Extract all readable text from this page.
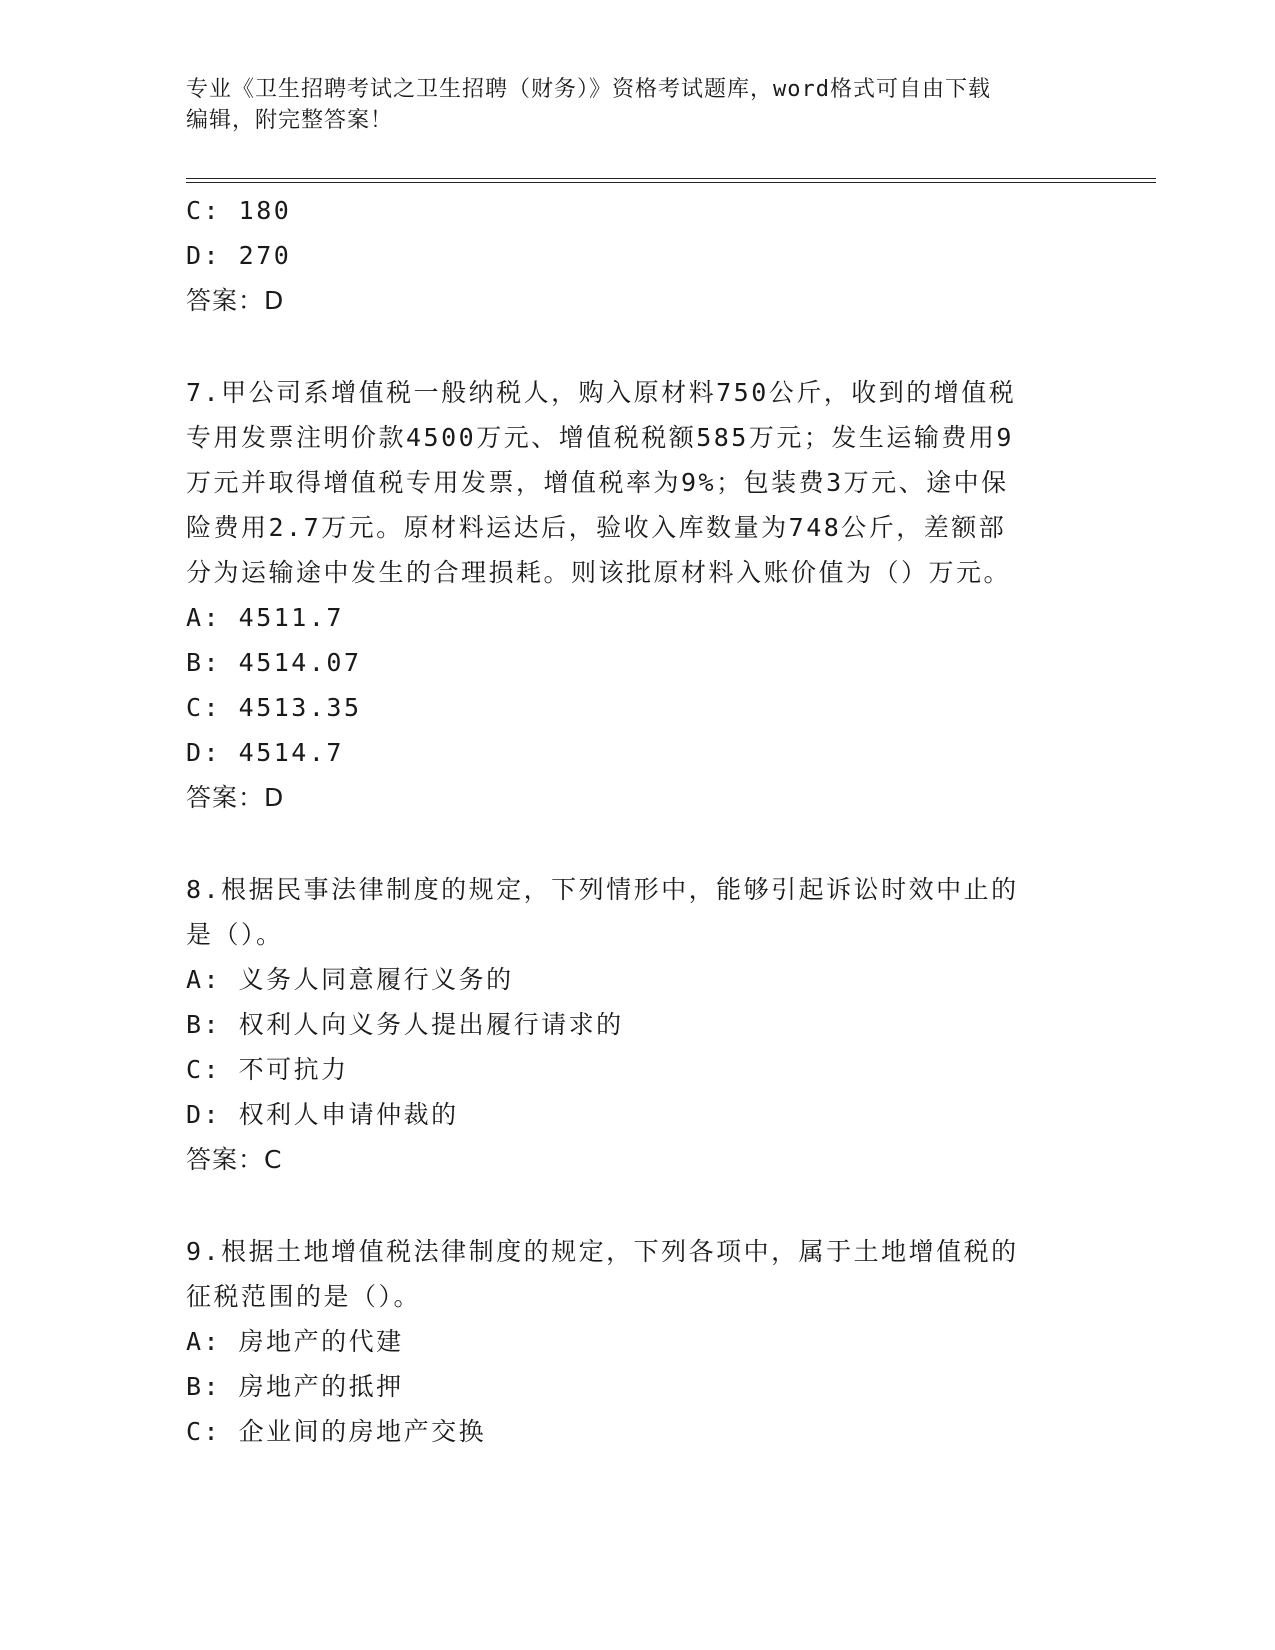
专业《卫生招聘考试之卫生招聘（财务）》资格考试题库，word格式可自由下载
编辑，附完整答案！
C: 180
D: 270
答案：D
7.甲公司系增值税一般纳税人，购入原材料750公斤，收到的增值税
专用发票注明价款4500万元、增值税税额585万元；发生运输费用9
万元并取得增值税专用发票，增值税率为9%；包装费3万元、途中保
险费用2.7万元。原材料运达后，验收入库数量为748公斤，差额部
分为运输途中发生的合理损耗。则该批原材料入账价值为（）万元。
A: 4511.7
B: 4514.07
C: 4513.35
D: 4514.7
答案：D
8.根据民事法律制度的规定，下列情形中，能够引起诉讼时效中止的
是（）。
A: 义务人同意履行义务的
B: 权利人向义务人提出履行请求的
C: 不可抗力
D: 权利人申请仲裁的
答案：C
9.根据土地增值税法律制度的规定，下列各项中，属于土地增值税的
征税范围的是（）。
A: 房地产的代建
B: 房地产的抵押
C: 企业间的房地产交换
